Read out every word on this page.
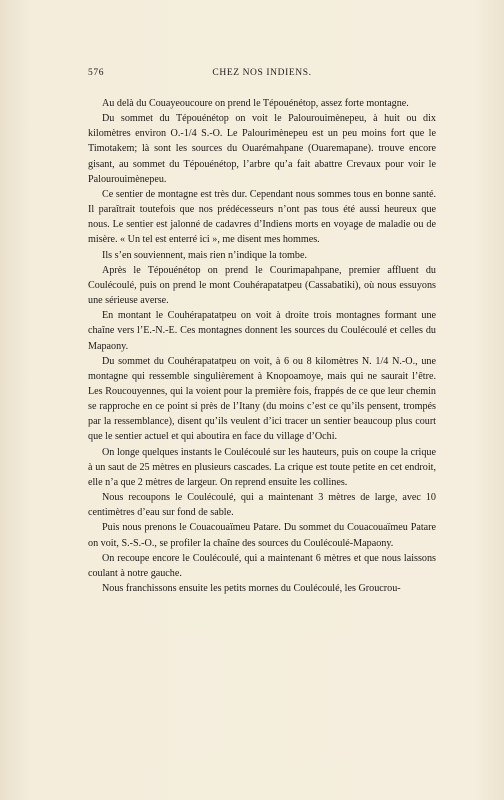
576	CHEZ NOS INDIENS.

Au delà du Couayeoucoure on prend le Tépouénétop, assez forte montagne.

Du sommet du Tépouénétop on voit le Palourouimènepeu, à huit ou dix kilomètres environ O.-1/4 S.-O. Le Palourimènepeu est un peu moins fort que le Timotakem; là sont les sources du Ouarémahpane (Ouaremapane). trouve encore gisant, au sommet du Tépouénétop, l’arbre qu’a fait abattre Crevaux pour voir le Palourouimènepeu.

Ce sentier de montagne est très dur. Cependant nous sommes tous en bonne santé. Il paraîtrait toutefois que nos prédécesseurs n’ont pas tous été aussi heureux que nous. Le sentier est jalonné de cadavres d’Indiens morts en voyage de maladie ou de misère. « Un tel est enterré ici », me disent mes hommes.

Ils s’en souviennent, mais rien n’indique la tombe.

Après le Tépouénétop on prend le Courimapahpane, premier affluent du Coulécoulé, puis on prend le mont Couhérapatatpeu (Cassabatiki), où nous essuyons une sérieuse averse.

En montant le Couhérapatatpeu on voit à droite trois montagnes formant une chaîne vers l’E.-N.-E. Ces montagnes donnent les sources du Coulécoulé et celles du Mapaony.

Du sommet du Couhérapatatpeu on voit, à 6 ou 8 kilomètres N. 1/4 N.-O., une montagne qui ressemble singulièrement à Knopoamoye, mais qui ne saurait l’être. Les Roucouyennes, qui la voient pour la première fois, frappés de ce que leur chemin se rapproche en ce point si près de l’Itany (du moins c’est ce qu’ils pensent, trompés par la ressemblance), disent qu’ils veulent d’ici tracer un sentier beaucoup plus court que le sentier actuel et qui aboutira en face du village d’Ochi.

On longe quelques instants le Coulécoulé sur les hauteurs, puis on coupe la crique à un saut de 25 mètres en plusieurs cascades. La crique est toute petite en cet endroit, elle n’a que 2 mètres de largeur. On reprend ensuite les collines.

Nous recoupons le Coulécoulé, qui a maintenant 3 mètres de large, avec 10 centimètres d’eau sur fond de sable.

Puis nous prenons le Couacouaïmeu Patare. Du sommet du Couacouaïmeu Patare on voit, S.-S.-O., se profiler la chaîne des sources du Coulécoulé-Mapaony.

On recoupe encore le Coulécoulé, qui a maintenant 6 mètres et que nous laissons coulant à notre gauche.

Nous franchissons ensuite les petits mornes du Coulécoulé, les Groucrou-
